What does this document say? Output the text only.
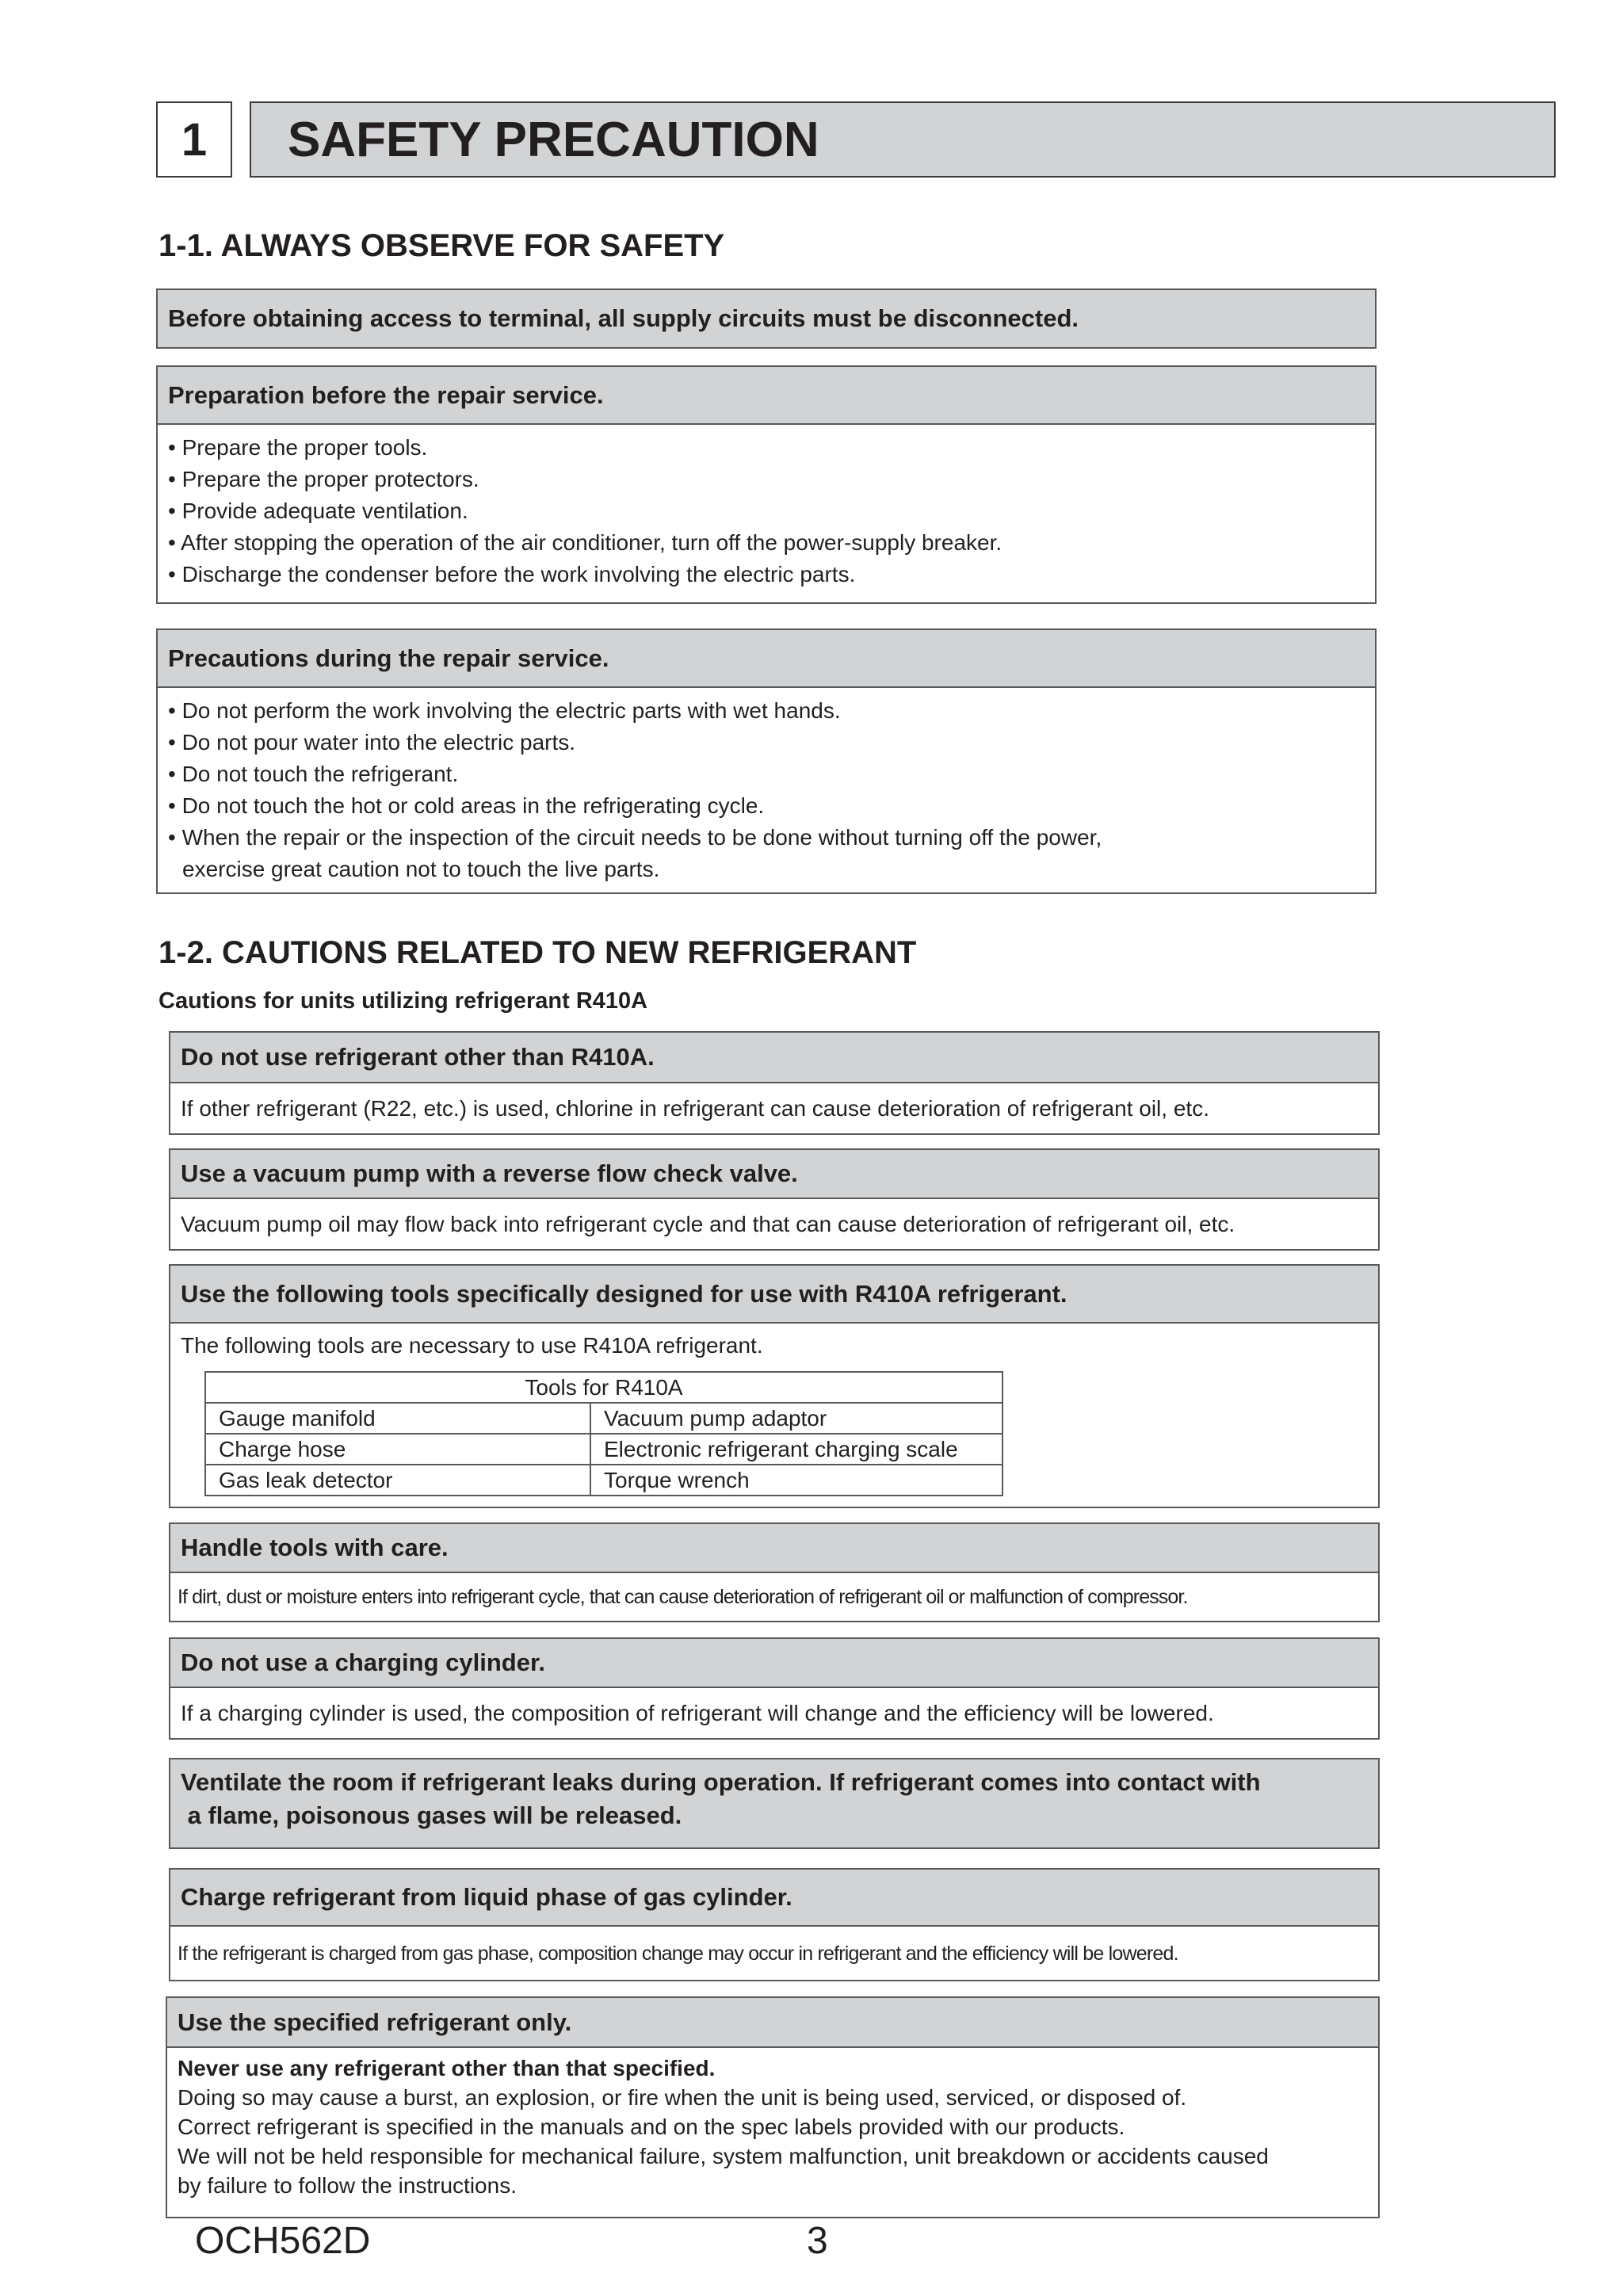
1	SAFETY PRECAUTION
1-1. ALWAYS OBSERVE FOR SAFETY
Before obtaining access to terminal, all supply circuits must be disconnected.
Preparation before the repair service.
• Prepare the proper tools.
• Prepare the proper protectors.
• Provide adequate ventilation.
• After stopping the operation of the air conditioner, turn off the power-supply breaker.
• Discharge the condenser before the work involving the electric parts.
Precautions during the repair service.
• Do not perform the work involving the electric parts with wet hands.
• Do not pour water into the electric parts.
• Do not touch the refrigerant.
• Do not touch the hot or cold areas in the refrigerating cycle.
• When the repair or the inspection of the circuit needs to be done without turning off the power,
exercise great caution not to touch the live parts.
1-2. CAUTIONS RELATED TO NEW REFRIGERANT
Cautions for units utilizing refrigerant R410A
Do not use refrigerant other than R410A.
If other refrigerant (R22, etc.) is used, chlorine in refrigerant can cause deterioration of refrigerant oil, etc.
Use a vacuum pump with a reverse flow check valve.
Vacuum pump oil may flow back into refrigerant cycle and that can cause deterioration of refrigerant oil, etc.
Use the following tools specifically designed for use with R410A refrigerant.
The following tools are necessary to use R410A refrigerant.
Tools for R410A	
Gauge manifold	Vacuum pump adaptor
Charge hose	Electronic refrigerant charging scale
Gas leak detector	Torque wrench
Handle tools with care.
If dirt, dust or moisture enters into refrigerant cycle, that can cause deterioration of refrigerant oil or malfunction of compressor.
Do not use a charging cylinder.
If a charging cylinder is used, the composition of refrigerant will change and the efficiency will be lowered.
Ventilate the room if refrigerant leaks during operation. If refrigerant comes into contact with
a flame, poisonous gases will be released.
Charge refrigerant from liquid phase of gas cylinder.
If the refrigerant is charged from gas phase, composition change may occur in refrigerant and the efficiency will be lowered.
Use the specified refrigerant only.
Never use any refrigerant other than that specified.
Doing so may cause a burst, an explosion, or fire when the unit is being used, serviced, or disposed of.
Correct refrigerant is specified in the manuals and on the spec labels provided with our products.
We will not be held responsible for mechanical failure, system malfunction, unit breakdown or accidents caused
by failure to follow the instructions.
OCH562D	3
